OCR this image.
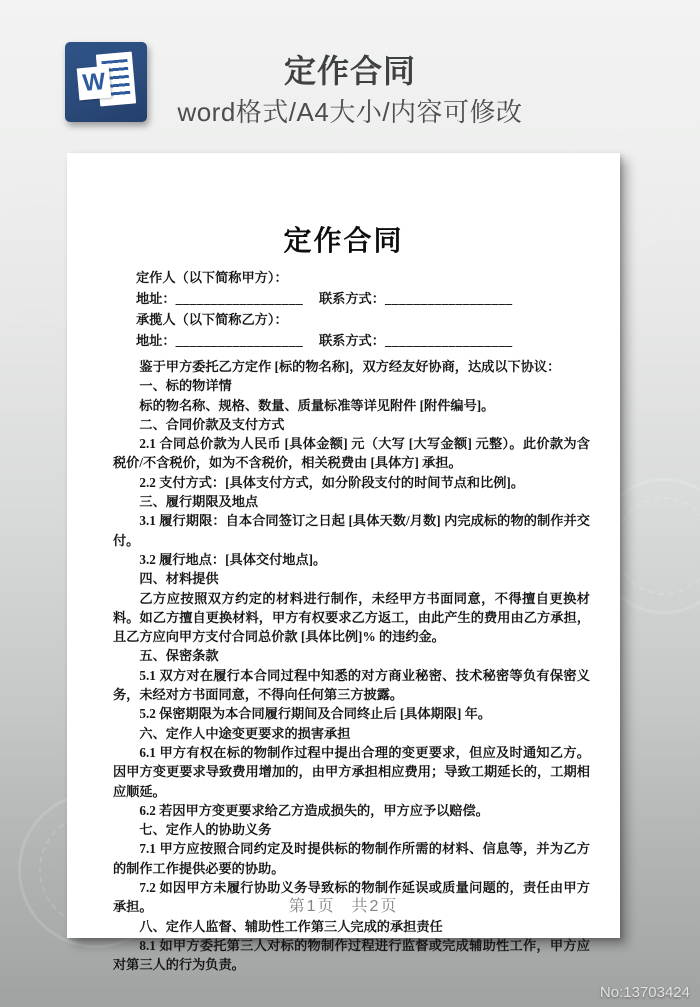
W	定作合同
word格式/A4大小/内容可修改
定作合同
定作人（以下简称甲方）：
地址：__________________ 联系方式：__________________
承揽人（以下简称乙方）：
地址：__________________ 联系方式：__________________

鉴于甲方委托乙方定作 [标的物名称]，双方经友好协商，达成以下协议：

一、标的物详情

标的物名称、规格、数量、质量标准等详见附件 [附件编号]。

二、合同价款及支付方式

2.1 合同总价款为人民币 [具体金额] 元（大写 [大写金额] 元整）。此价款为含税价/不含税价，如为不含税价，相关税费由 [具体方] 承担。

2.2 支付方式：[具体支付方式，如分阶段支付的时间节点和比例]。

三、履行期限及地点

3.1 履行期限：自本合同签订之日起 [具体天数/月数] 内完成标的物的制作并交付。

3.2 履行地点：[具体交付地点]。

四、材料提供

乙方应按照双方约定的材料进行制作，未经甲方书面同意，不得擅自更换材料。如乙方擅自更换材料，甲方有权要求乙方返工，由此产生的费用由乙方承担，且乙方应向甲方支付合同总价款 [具体比例]% 的违约金。

五、保密条款

5.1 双方对在履行本合同过程中知悉的对方商业秘密、技术秘密等负有保密义务，未经对方书面同意，不得向任何第三方披露。

5.2 保密期限为本合同履行期间及合同终止后 [具体期限] 年。

六、定作人中途变更要求的损害承担

6.1 甲方有权在标的物制作过程中提出合理的变更要求，但应及时通知乙方。因甲方变更要求导致费用增加的，由甲方承担相应费用；导致工期延长的，工期相应顺延。

6.2 若因甲方变更要求给乙方造成损失的，甲方应予以赔偿。

七、定作人的协助义务

7.1 甲方应按照合同约定及时提供标的物制作所需的材料、信息等，并为乙方的制作工作提供必要的协助。

7.2 如因甲方未履行协助义务导致标的物制作延误或质量问题的，责任由甲方承担。

八、定作人监督、辅助性工作第三人完成的承担责任

8.1 如甲方委托第三人对标的物制作过程进行监督或完成辅助性工作，甲方应对第三人的行为负责。

第1页 共2页
No:13703424
